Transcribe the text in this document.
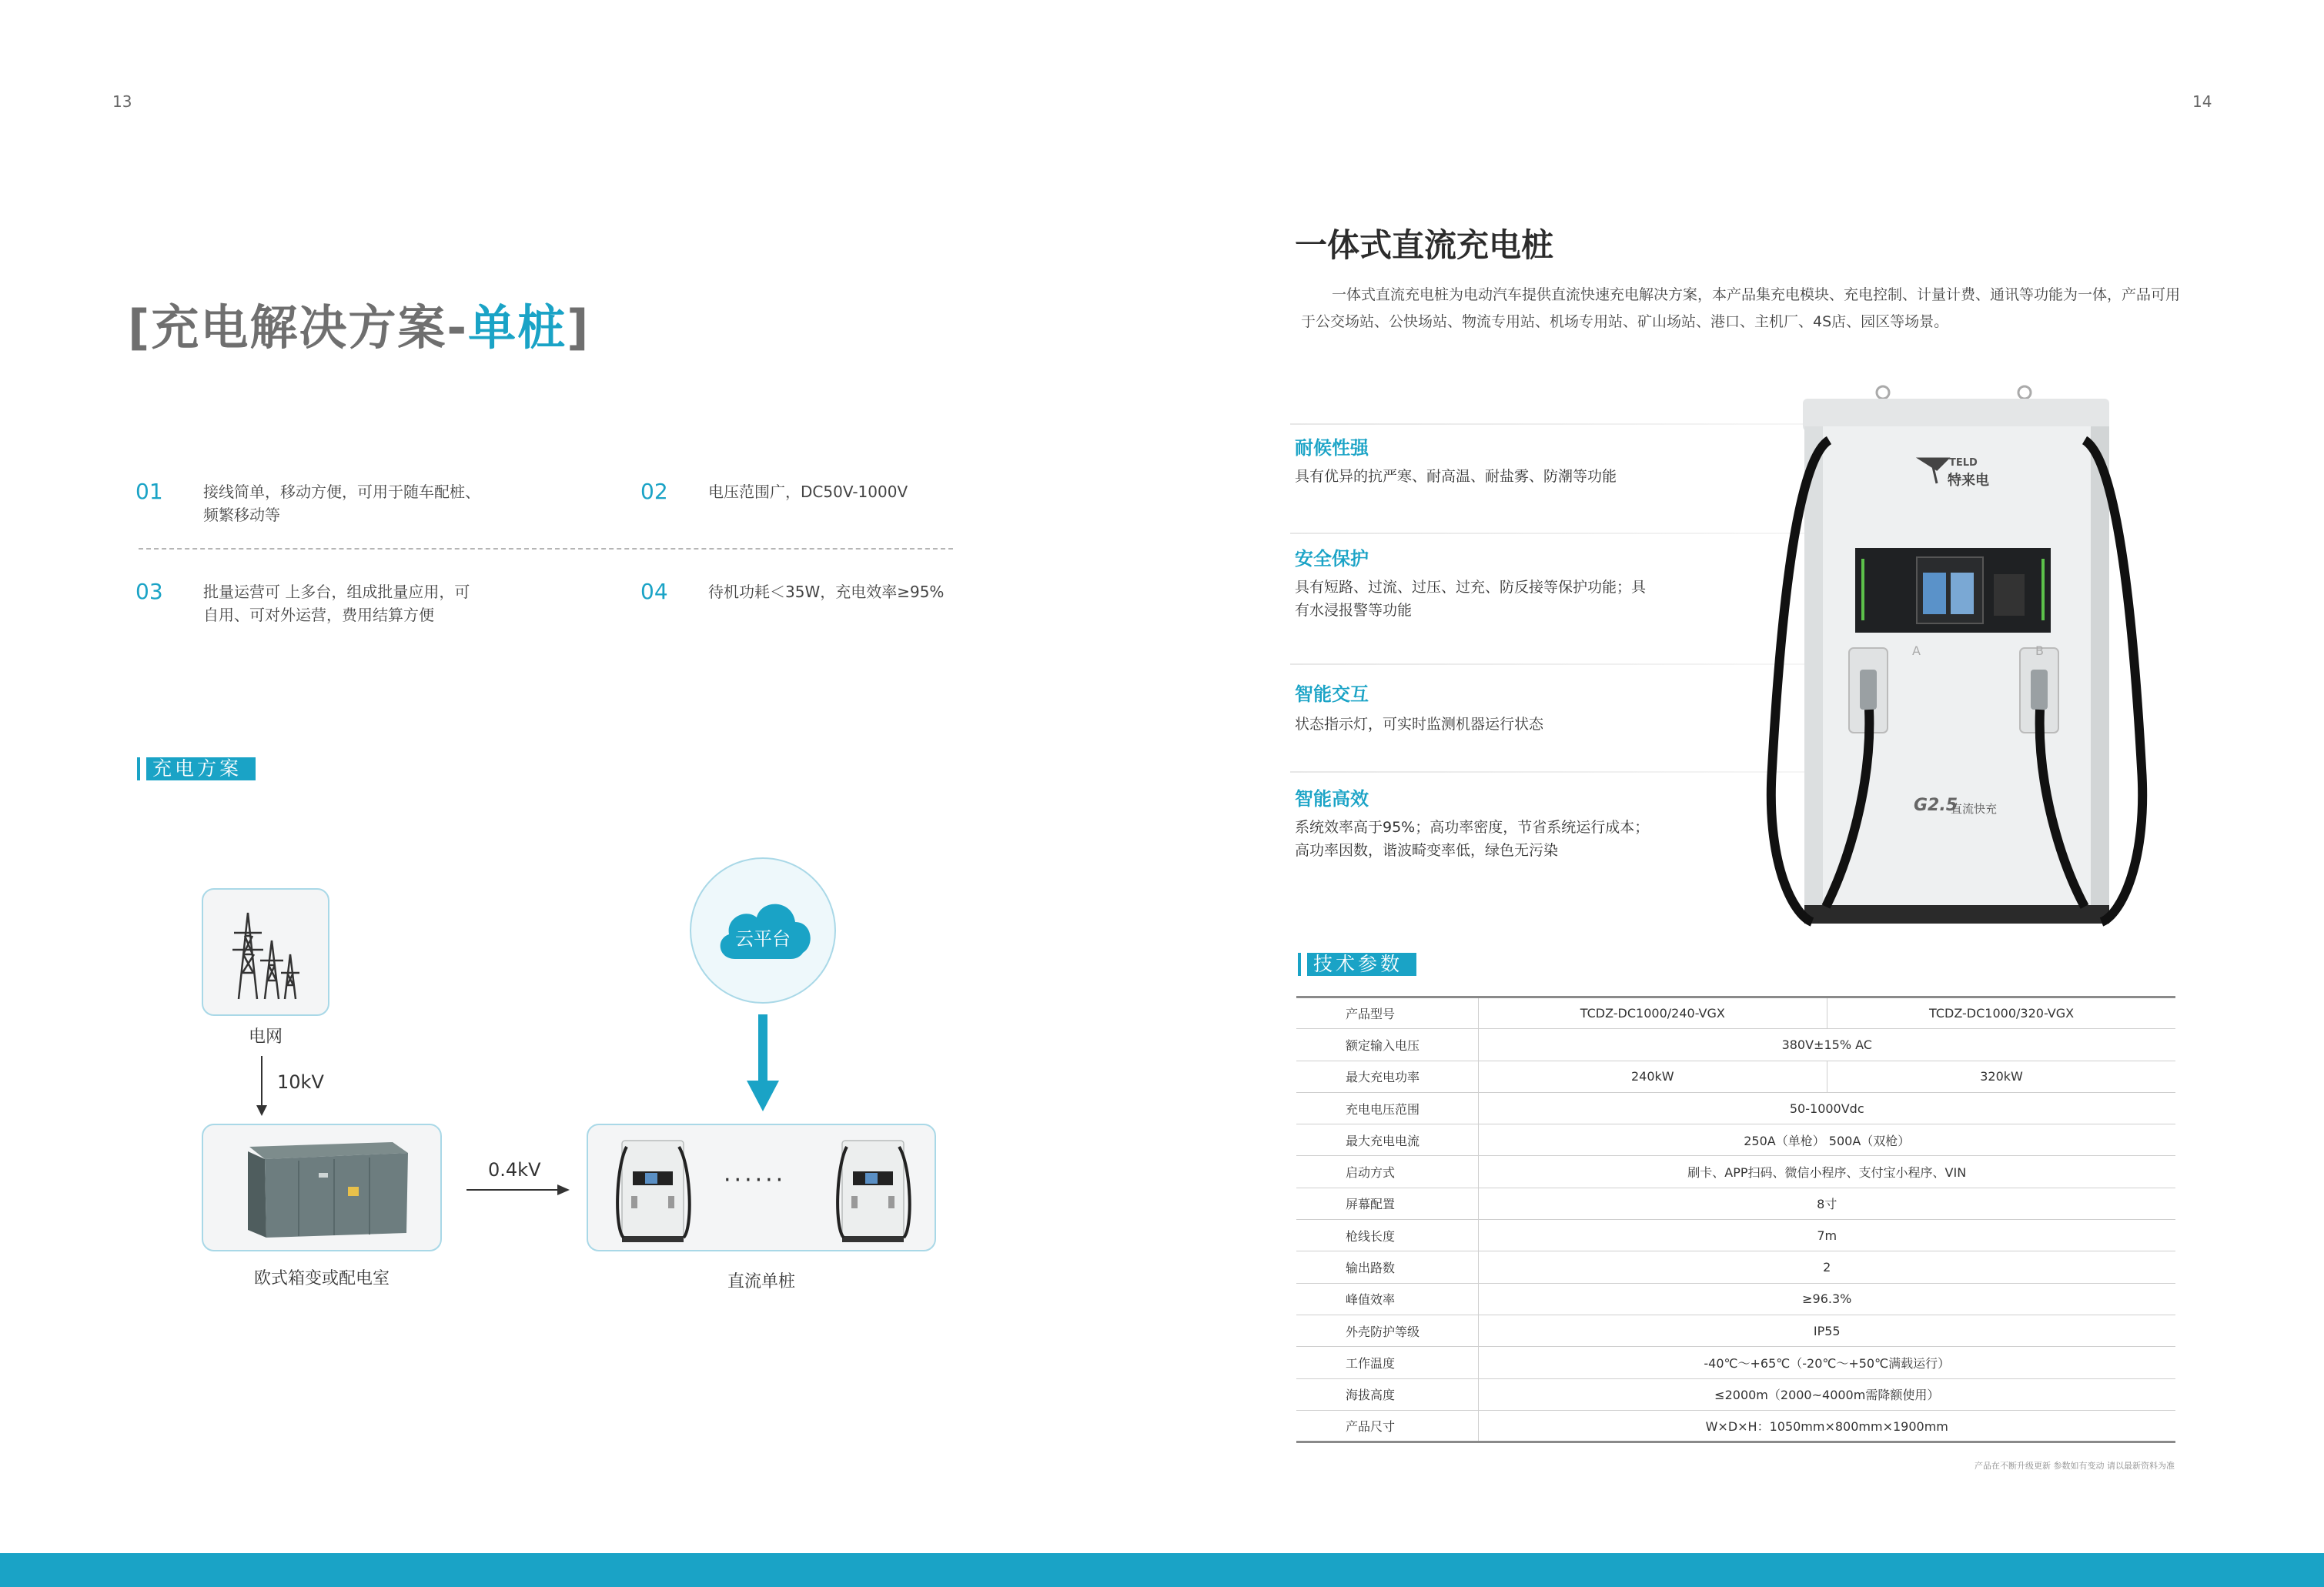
13	14
[充电解决方案-单桩]
01	接线简单，移动方便，可用于随车配桩、频繁移动等
02	电压范围广，DC50V-1000V
03	批量运营可 上多台，组成批量应用，可自用、可对外运营，费用结算方便
04	待机功耗＜35W，充电效率≥95%
充电方案
电网
10kV
欧式箱变或配电室
0.4kV
云平台
······
直流单桩
一体式直流充电桩
一体式直流充电桩为电动汽车提供直流快速充电解决方案，本产品集充电模块、充电控制、计量计费、通讯等功能为一体，产品可用于公交场站、公快场站、物流专用站、机场专用站、矿山场站、港口、主机厂、4S店、园区等场景。
耐候性强
具有优异的抗严寒、耐高温、耐盐雾、防潮等功能
安全保护
具有短路、过流、过压、过充、防反接等保护功能；具有水浸报警等功能
智能交互
状态指示灯，可实时监测机器运行状态
智能高效
系统效率高于95%；高功率密度，节省系统运行成本；高功率因数，谐波畸变率低，绿色无污染
TELD
特来电
A	B
G2.5
直流快充
技术参数
产品型号	TCDZ-DC1000/240-VGX	TCDZ-DC1000/320-VGX
额定输入电压	380V±15% AC	
最大充电功率	240kW	320kW
充电电压范围	50-1000Vdc	
最大充电电流	250A（单枪） 500A（双枪）	
启动方式	刷卡、APP扫码、微信小程序、支付宝小程序、VIN	
屏幕配置	8寸	
枪线长度	7m	
输出路数	2	
峰值效率	≥96.3%	
外壳防护等级	IP55	
工作温度	-40℃～+65℃（-20℃～+50℃满载运行）	
海拔高度	≤2000m（2000~4000m需降额使用）	
产品尺寸	W×D×H：1050mm×800mm×1900mm	
产品在不断升级更新 参数如有变动 请以最新资料为准
